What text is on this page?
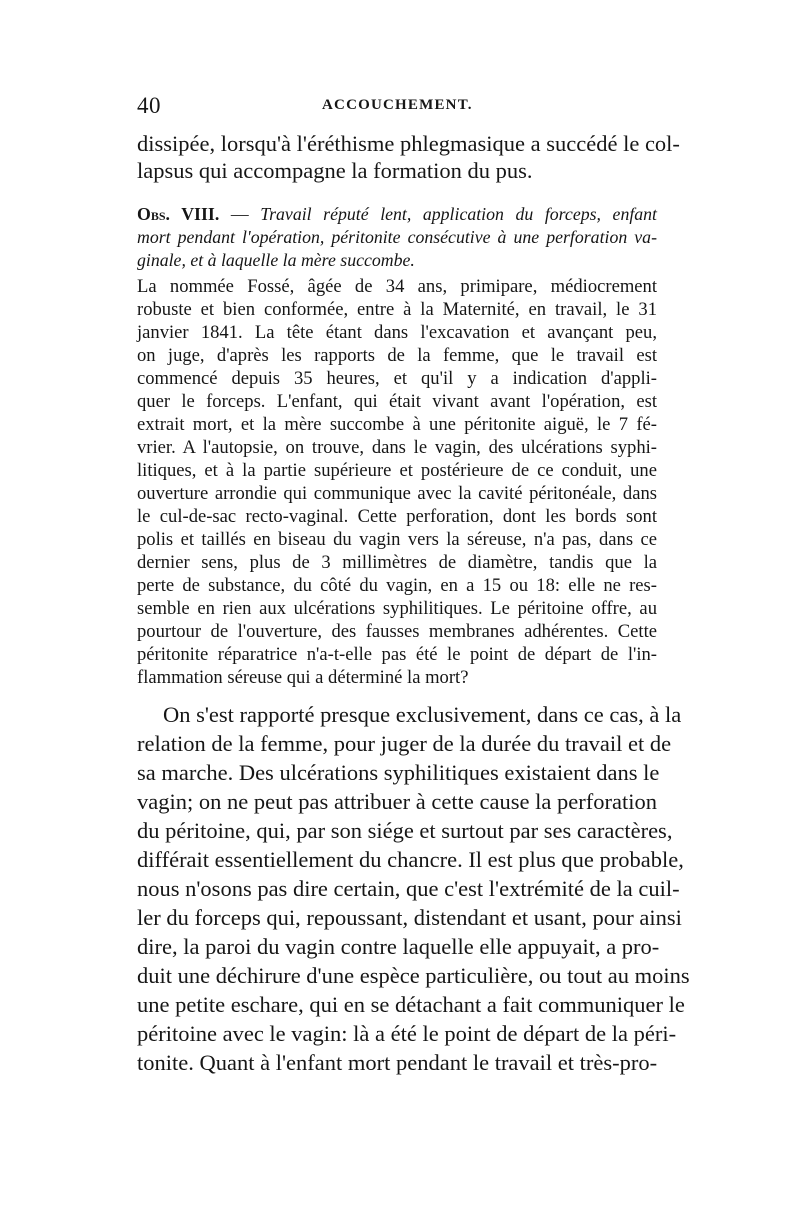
40	ACCOUCHEMENT.
dissipée, lorsqu'à l'éréthisme phlegmasique a succédé le col-
lapsus qui accompagne la formation du pus.
Obs. VIII. — Travail réputé lent, application du forceps, enfant
mort pendant l'opération, péritonite consécutive à une perforation va-
ginale, et à laquelle la mère succombe.
La nommée Fossé, âgée de 34 ans, primipare, médiocrement
robuste et bien conformée, entre à la Maternité, en travail, le 31
janvier 1841. La tête étant dans l'excavation et avançant peu,
on juge, d'après les rapports de la femme, que le travail est
commencé depuis 35 heures, et qu'il y a indication d'appli-
quer le forceps. L'enfant, qui était vivant avant l'opération, est
extrait mort, et la mère succombe à une péritonite aiguë, le 7 fé-
vrier. A l'autopsie, on trouve, dans le vagin, des ulcérations syphi-
litiques, et à la partie supérieure et postérieure de ce conduit, une
ouverture arrondie qui communique avec la cavité péritonéale, dans
le cul-de-sac recto-vaginal. Cette perforation, dont les bords sont
polis et taillés en biseau du vagin vers la séreuse, n'a pas, dans ce
dernier sens, plus de 3 millimètres de diamètre, tandis que la
perte de substance, du côté du vagin, en a 15 ou 18: elle ne res-
semble en rien aux ulcérations syphilitiques. Le péritoine offre, au
pourtour de l'ouverture, des fausses membranes adhérentes. Cette
péritonite réparatrice n'a-t-elle pas été le point de départ de l'in-
flammation séreuse qui a déterminé la mort?
On s'est rapporté presque exclusivement, dans ce cas, à la
relation de la femme, pour juger de la durée du travail et de
sa marche. Des ulcérations syphilitiques existaient dans le
vagin; on ne peut pas attribuer à cette cause la perforation
du péritoine, qui, par son siége et surtout par ses caractères,
différait essentiellement du chancre. Il est plus que probable,
nous n'osons pas dire certain, que c'est l'extrémité de la cuil-
ler du forceps qui, repoussant, distendant et usant, pour ainsi
dire, la paroi du vagin contre laquelle elle appuyait, a pro-
duit une déchirure d'une espèce particulière, ou tout au moins
une petite eschare, qui en se détachant a fait communiquer le
péritoine avec le vagin: là a été le point de départ de la péri-
tonite. Quant à l'enfant mort pendant le travail et très-pro-
